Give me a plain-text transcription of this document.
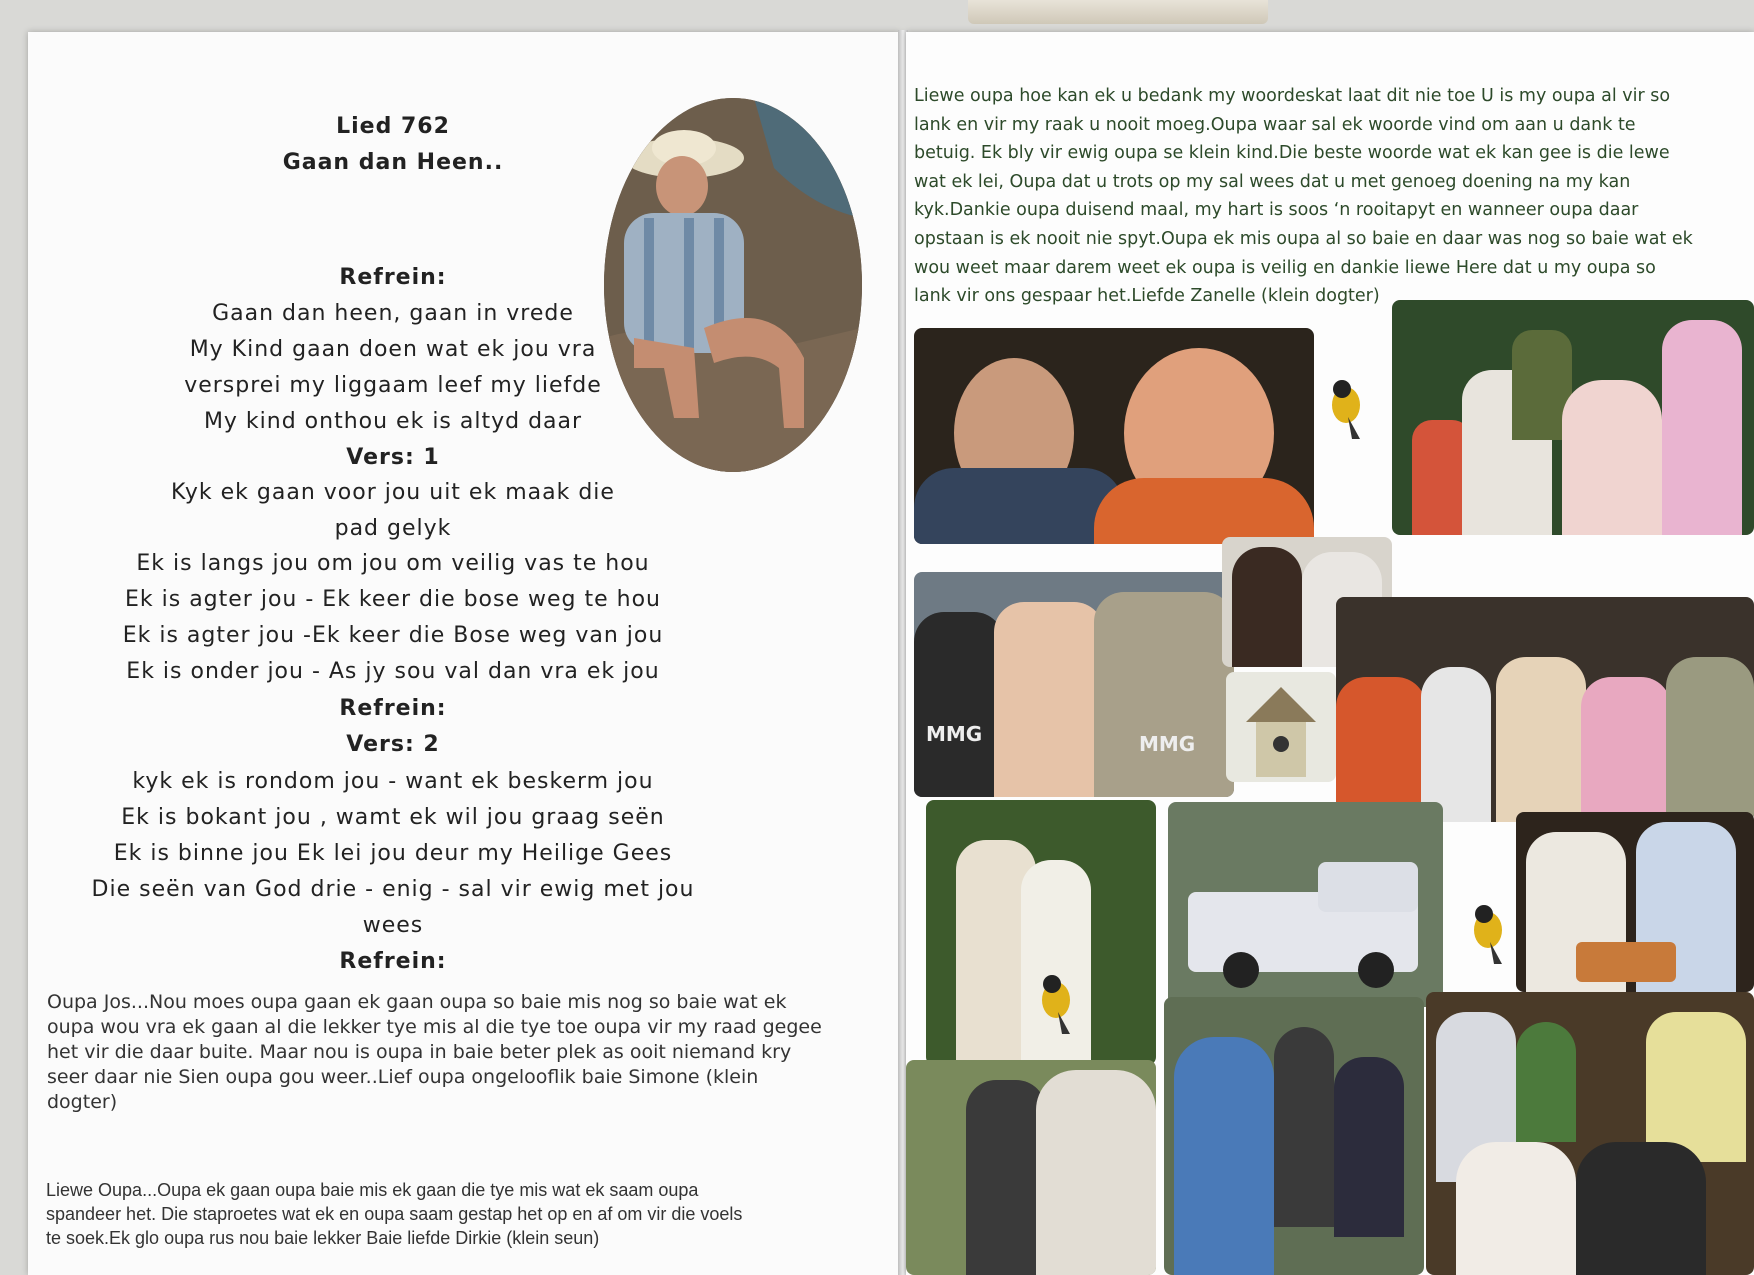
Lied 762
Gaan dan Heen..
Refrein:
Gaan dan heen, gaan in vrede
My Kind gaan doen wat ek jou vra
versprei my liggaam leef my liefde
My kind onthou ek is altyd daar
Vers: 1
Kyk ek gaan voor jou uit ek maak die
pad gelyk
Ek is langs jou om jou om veilig vas te hou
Ek is agter jou - Ek keer die bose weg te hou
Ek is agter jou -Ek keer die Bose weg van jou
Ek is onder jou - As jy sou val dan vra ek jou
Refrein:
Vers: 2
kyk ek is rondom jou - want ek beskerm jou
Ek is bokant jou , wamt ek wil jou graag seën
Ek is binne jou Ek lei jou deur my Heilige Gees
Die seën van God drie - enig - sal vir ewig met jou
wees
Refrein:
Oupa Jos...Nou moes oupa gaan ek gaan oupa so baie mis nog so baie wat ek
oupa wou vra ek gaan al die lekker tye mis al die tye toe oupa vir my raad gegee
het vir die daar buite. Maar nou is oupa in baie beter plek as ooit niemand kry
seer daar nie Sien oupa gou weer..Lief oupa ongelooflik baie Simone (klein
dogter)
Liewe Oupa...Oupa ek gaan oupa baie mis ek gaan die tye mis wat ek saam oupa
spandeer het. Die staproetes wat ek en oupa saam gestap het op en af om vir die voels
te soek.Ek glo oupa rus nou baie lekker Baie liefde Dirkie (klein seun)
Liewe oupa hoe kan ek u bedank my woordeskat laat dit nie toe U is my oupa al vir so
lank en vir my raak u nooit moeg.Oupa waar sal ek woorde vind om aan u dank te
betuig. Ek bly vir ewig oupa se klein kind.Die beste woorde wat ek kan gee is die lewe
wat ek lei, Oupa dat u trots op my sal wees dat u met genoeg doening na my kan
kyk.Dankie oupa duisend maal, my hart is soos ‘n rooitapyt en wanneer oupa daar
opstaan is ek nooit nie spyt.Oupa ek mis oupa al so baie en daar was nog so baie wat ek
wou weet maar darem weet ek oupa is veilig en dankie liewe Here dat u my oupa so
lank vir ons gespaar het.Liefde Zanelle (klein dogter)
MMG	MMG
